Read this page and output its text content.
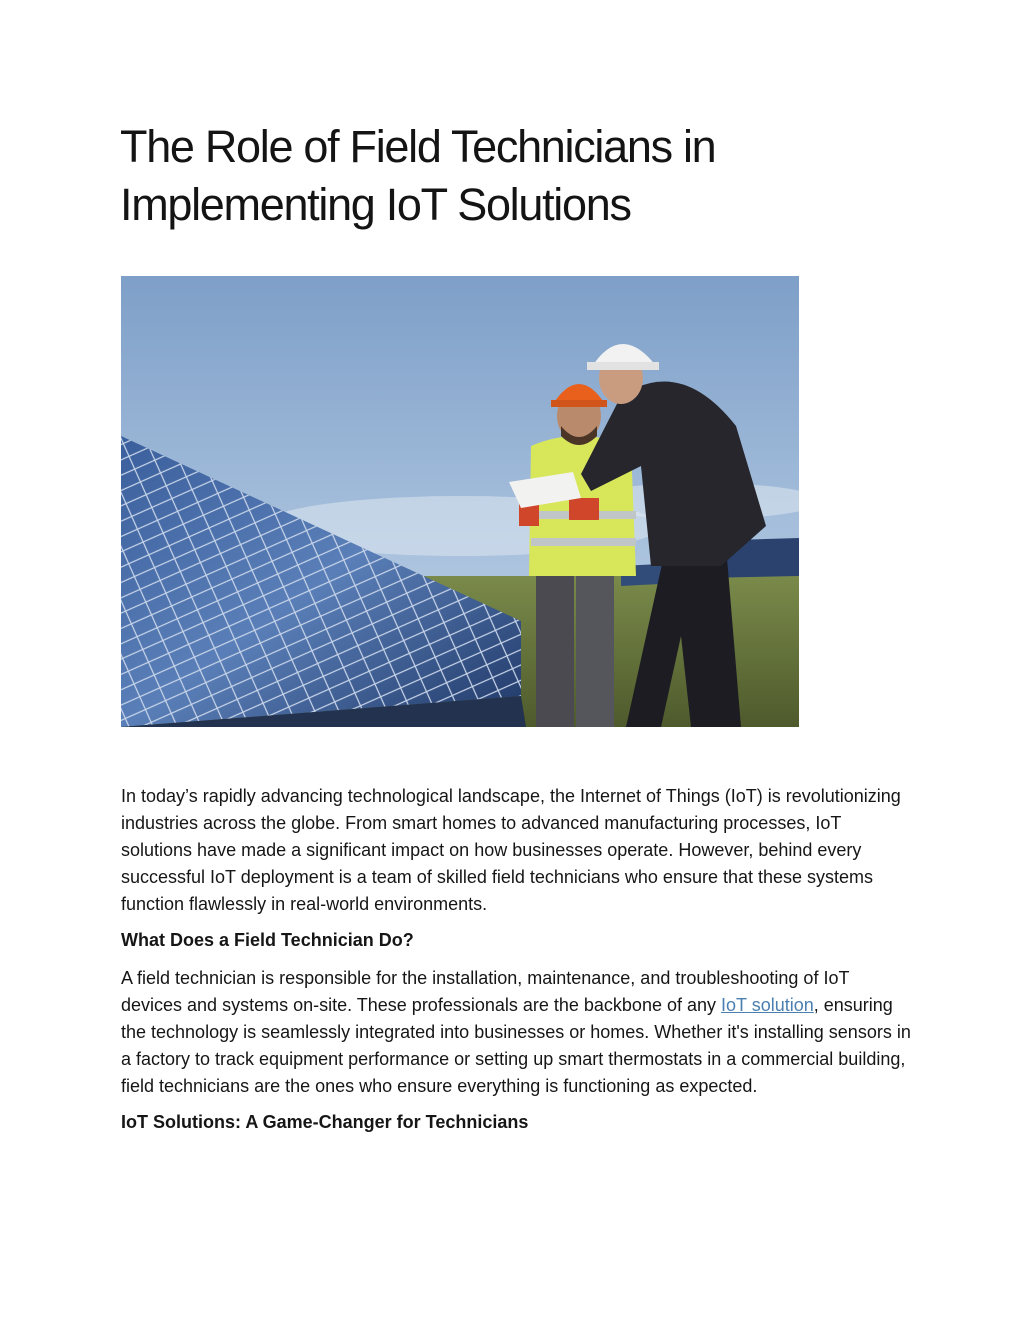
The Role of Field Technicians in
Implementing IoT Solutions

In today’s rapidly advancing technological landscape, the Internet of Things (IoT) is revolutionizing industries across the globe. From smart homes to advanced manufacturing processes, IoT solutions have made a significant impact on how businesses operate. However, behind every successful IoT deployment is a team of skilled field technicians who ensure that these systems function flawlessly in real-world environments.

What Does a Field Technician Do?

A field technician is responsible for the installation, maintenance, and troubleshooting of IoT devices and systems on-site. These professionals are the backbone of any IoT solution, ensuring the technology is seamlessly integrated into businesses or homes. Whether it's installing sensors in a factory to track equipment performance or setting up smart thermostats in a commercial building, field technicians are the ones who ensure everything is functioning as expected.

IoT Solutions: A Game-Changer for Technicians
